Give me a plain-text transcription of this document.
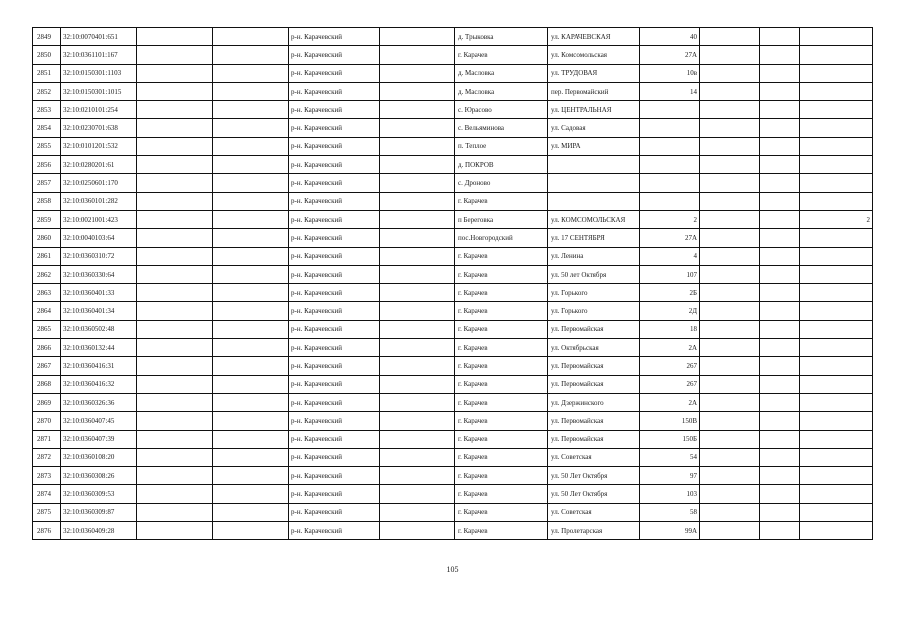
2849	32:10:0070401:651	р-н. Карачевский	д. Трыковка	ул. КАРАЧЕВСКАЯ	40
2850	32:10:0361101:167	р-н. Карачевский	г. Карачев	ул. Комсомольская	27А
2851	32:10:0150301:1103	р-н. Карачевский	д. Масловка	ул. ТРУДОВАЯ	10в
2852	32:10:0150301:1015	р-н. Карачевский	д. Масловка	пер. Первомайский	14
2853	32:10:0210101:254	р-н. Карачевский	с. Юрасово	ул. ЦЕНТРАЛЬНАЯ
2854	32:10:0230701:638	р-н. Карачевский	с. Вельяминова	ул. Садовая
2855	32:10:0101201:532	р-н. Карачевский	п. Теплое	ул. МИРА
2856	32:10:0280201:61	р-н. Карачевский	д. ПОКРОВ
2857	32:10:0250601:170	р-н. Карачевский	с. Дроново
2858	32:10:0360101:282	р-н. Карачевский	г. Карачев
2859	32:10:0021001:423	р-н. Карачевский	п Береговка	ул. КОМСОМОЛЬСКАЯ	2	2
2860	32:10:0040103:64	р-н. Карачевский	пос.Новгородский	ул. 17 СЕНТЯБРЯ	27А
2861	32:10:0360310:72	р-н. Карачевский	г. Карачев	ул. Ленина	4
2862	32:10:0360330:64	р-н. Карачевский	г. Карачев	ул. 50 лет Октября	107
2863	32:10:0360401:33	р-н. Карачевский	г. Карачев	ул. Горького	2Б
2864	32:10:0360401:34	р-н. Карачевский	г. Карачев	ул. Горького	2Д
2865	32:10:0360502:48	р-н. Карачевский	г. Карачев	ул. Первомайская	18
2866	32:10:0360132:44	р-н. Карачевский	г. Карачев	ул. Октябрьская	2А
2867	32:10:0360416:31	р-н. Карачевский	г. Карачев	ул. Первомайская	267
2868	32:10:0360416:32	р-н. Карачевский	г. Карачев	ул. Первомайская	267
2869	32:10:0360326:36	р-н. Карачевский	г. Карачев	ул. Дзержинского	2А
2870	32:10:0360407:45	р-н. Карачевский	г. Карачев	ул. Первомайская	150В
2871	32:10:0360407:39	р-н. Карачевский	г. Карачев	ул. Первомайская	150Б
2872	32:10:0360108:20	р-н. Карачевский	г. Карачев	ул. Советская	54
2873	32:10:0360308:26	р-н. Карачевский	г. Карачев	ул. 50 Лет Октября	97
2874	32:10:0360309:53	р-н. Карачевский	г. Карачев	ул. 50 Лет Октября	103
2875	32:10:0360309:87	р-н. Карачевский	г. Карачев	ул. Советская	58
2876	32:10:0360409:28	р-н. Карачевский	г. Карачев	ул. Пролетарская	99А
105
